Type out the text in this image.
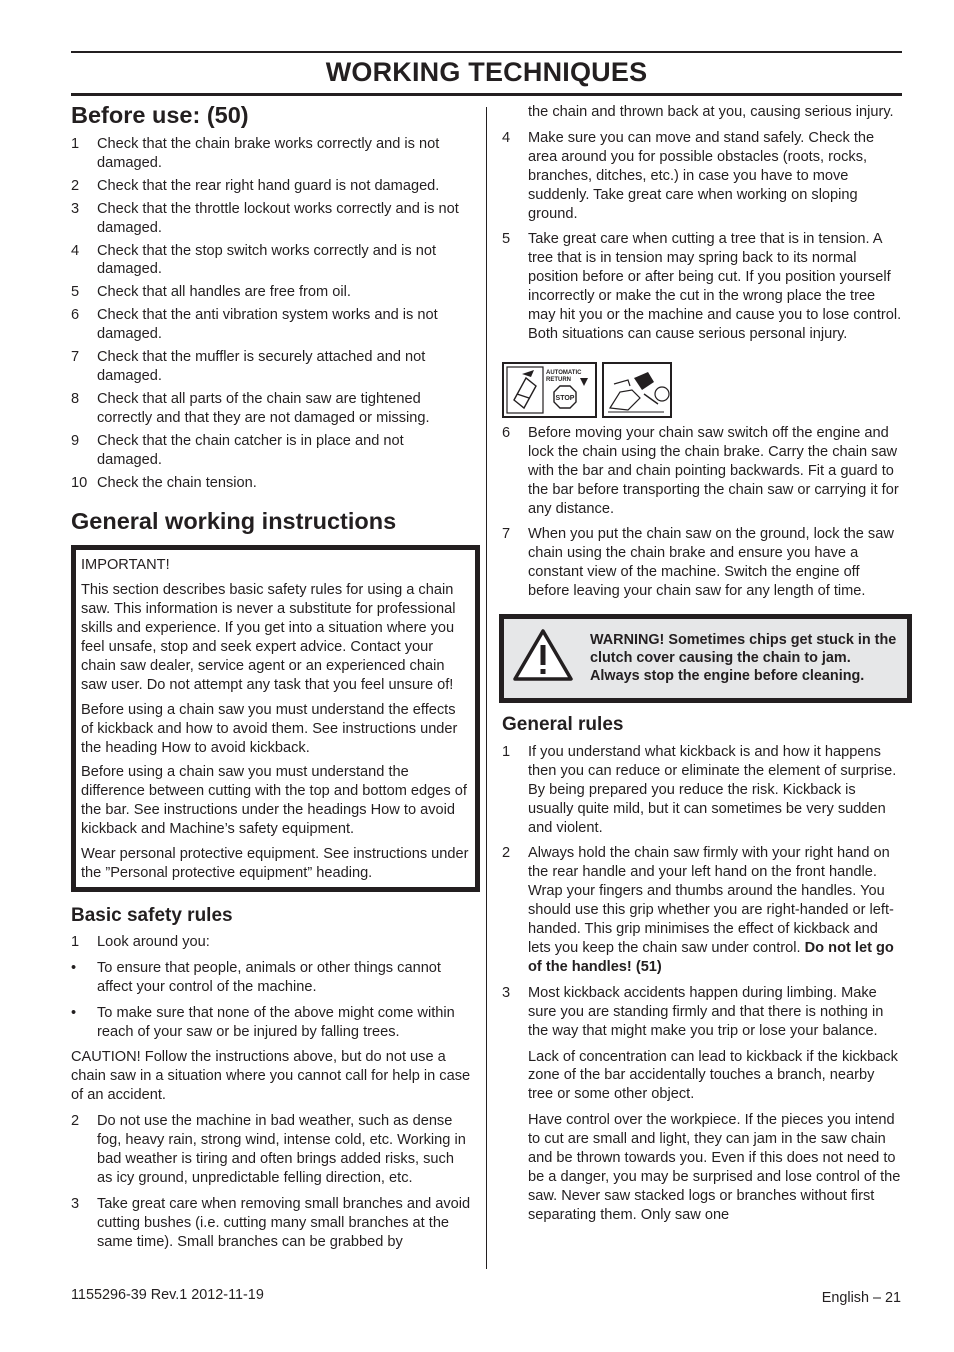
WORKING TECHNIQUES
Before use: (50)
1 Check that the chain brake works correctly and is not damaged.
2 Check that the rear right hand guard is not damaged.
3 Check that the throttle lockout works correctly and is not damaged.
4 Check that the stop switch works correctly and is not damaged.
5 Check that all handles are free from oil.
6 Check that the anti vibration system works and is not damaged.
7 Check that the muffler is securely attached and not damaged.
8 Check that all parts of the chain saw are tightened correctly and that they are not damaged or missing.
9 Check that the chain catcher is in place and not damaged.
10 Check the chain tension.
General working instructions

IMPORTANT!

This section describes basic safety rules for using a chain saw. This information is never a substitute for professional skills and experience. If you get into a situation where you feel unsafe, stop and seek expert advice. Contact your chain saw dealer, service agent or an experienced chain saw user. Do not attempt any task that you feel unsure of!

Before using a chain saw you must understand the effects of kickback and how to avoid them. See instructions under the heading How to avoid kickback.

Before using a chain saw you must understand the difference between cutting with the top and bottom edges of the bar. See instructions under the headings How to avoid kickback and Machine’s safety equipment.

Wear personal protective equipment. See instructions under the ”Personal protective equipment” heading.

Basic safety rules
1 Look around you:
• To ensure that people, animals or other things cannot affect your control of the machine.
• To make sure that none of the above might come within reach of your saw or be injured by falling trees.

CAUTION! Follow the instructions above, but do not use a chain saw in a situation where you cannot call for help in case of an accident.

2 Do not use the machine in bad weather, such as dense fog, heavy rain, strong wind, intense cold, etc. Working in bad weather is tiring and often brings added risks, such as icy ground, unpredictable felling direction, etc.
3 Take great care when removing small branches and avoid cutting bushes (i.e. cutting many small branches at the same time). Small branches can be grabbed by

the chain and thrown back at you, causing serious injury.

4 Make sure you can move and stand safely. Check the area around you for possible obstacles (roots, rocks, branches, ditches, etc.) in case you have to move suddenly. Take great care when working on sloping ground.
5 Take great care when cutting a tree that is in tension. A tree that is in tension may spring back to its normal position before or after being cut. If you position yourself incorrectly or make the cut in the wrong place the tree may hit you or the machine and cause you to lose control. Both situations can cause serious personal injury.
AUTOMATIC
RETURN
STOP
6 Before moving your chain saw switch off the engine and lock the chain using the chain brake. Carry the chain saw with the bar and chain pointing backwards. Fit a guard to the bar before transporting the chain saw or carrying it for any distance.
7 When you put the chain saw on the ground, lock the saw chain using the chain brake and ensure you have a constant view of the machine. Switch the engine off before leaving your chain saw for any length of time.
WARNING! Sometimes chips get stuck in the clutch cover causing the chain to jam. Always stop the engine before cleaning.
General rules
1 If you understand what kickback is and how it happens then you can reduce or eliminate the element of surprise. By being prepared you reduce the risk. Kickback is usually quite mild, but it can sometimes be very sudden and violent.
2 Always hold the chain saw firmly with your right hand on the rear handle and your left hand on the front handle. Wrap your fingers and thumbs around the handles. You should use this grip whether you are right-handed or left-handed. This grip minimises the effect of kickback and lets you keep the chain saw under control. Do not let go of the handles! (51)
3 Most kickback accidents happen during limbing. Make sure you are standing firmly and that there is nothing in the way that might make you trip or lose your balance.

Lack of concentration can lead to kickback if the kickback zone of the bar accidentally touches a branch, nearby tree or some other object.

Have control over the workpiece. If the pieces you intend to cut are small and light, they can jam in the saw chain and be thrown towards you. Even if this does not need to be a danger, you may be surprised and lose control of the saw. Never saw stacked logs or branches without first separating them. Only saw one

1155296-39 Rev.1 2012-11-19	English – 21
